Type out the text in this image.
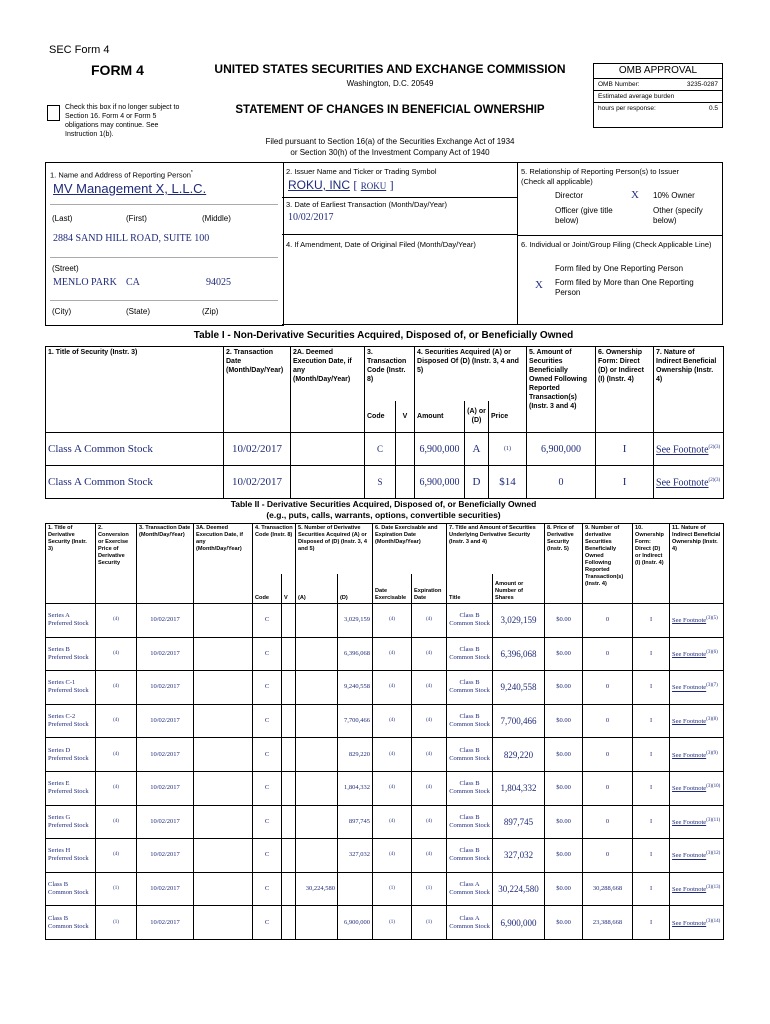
SEC Form 4
FORM 4	UNITED STATES SECURITIES AND EXCHANGE COMMISSION
Washington, D.C. 20549
Check this box if no longer subject to Section 16. Form 4 or Form 5 obligations may continue. See Instruction 1(b).
STATEMENT OF CHANGES IN BENEFICIAL OWNERSHIP
Filed pursuant to Section 16(a) of the Securities Exchange Act of 1934
or Section 30(h) of the Investment Company Act of 1940
OMB APPROVAL
OMB Number:	3235-0287
Estimated average burden
hours per response:	0.5
1. Name and Address of Reporting Person*
MV Management X, L.L.C.
(Last)	(First)	(Middle)
2884 SAND HILL ROAD, SUITE 100
(Street)
MENLO PARK CA	94025
(City)	(State)	(Zip)
2. Issuer Name and Ticker or Trading Symbol
ROKU, INC [ ROKU ]
3. Date of Earliest Transaction (Month/Day/Year)
10/02/2017
4. If Amendment, Date of Original Filed (Month/Day/Year)
5. Relationship of Reporting Person(s) to Issuer
(Check all applicable)
Director	X 10% Owner
Officer (give title below)
Other (specify below)
6. Individual or Joint/Group Filing (Check Applicable Line)
Form filed by One Reporting Person
X Form filed by More than One Reporting Person
Table I - Non-Derivative Securities Acquired, Disposed of, or Beneficially Owned
1. Title of Security (Instr. 3)	2. Transaction Date (Month/Day/Year)	2A. Deemed Execution Date, if any (Month/Day/Year)	3. Transaction Code (Instr. 8)		4. Securities Acquired (A) or Disposed Of (D) (Instr. 3, 4 and 5)			5. Amount of Securities Beneficially Owned Following Reported Transaction(s) (Instr. 3 and 4)	6. Ownership Form: Direct (D) or Indirect (I) (Instr. 4)	7. Nature of Indirect Beneficial Ownership (Instr. 4)
			Code	V	Amount	(A) or (D)	Price			
Class A Common Stock	10/02/2017		C		6,900,000	A	(1)	6,900,000	I	See Footnote$^{(2)(3)}$
Class A Common Stock	10/02/2017		S		6,900,000	D	$14	0	I	See Footnote$^{(2)(3)}$
Table II - Derivative Securities Acquired, Disposed of, or Beneficially Owned
(e.g., puts, calls, warrants, options, convertible securities)
1. Title of Derivative Security (Instr. 3)	2. Conversion or Exercise Price of Derivative Security	3. Transaction Date (Month/Day/Year)	3A. Deemed Execution Date, if any (Month/Day/Year)	4. Transaction Code (Instr. 8)		5. Number of Derivative Securities Acquired (A) or Disposed of (D) (Instr. 3, 4 and 5)		6. Date Exercisable and Expiration Date (Month/Day/Year)		7. Title and Amount of Securities Underlying Derivative Security (Instr. 3 and 4)		8. Price of Derivative Security (Instr. 5)	9. Number of derivative Securities Beneficially Owned Following Reported Transaction(s) (Instr. 4)	10. Ownership Form: Direct (D) or Indirect (I) (Instr. 4)	11. Nature of Indirect Beneficial Ownership (Instr. 4)
				Code	V	(A)	(D)	Date Exercisable	Expiration Date	Title	Amount or Number of Shares				
Series A Preferred Stock	(4)	10/02/2017		C			3,029,159	(4)	(4)	Class B Common Stock	3,029,159	$0.00	0	I	See Footnote$^{(3)(5)}$
Series B Preferred Stock	(4)	10/02/2017		C			6,396,068	(4)	(4)	Class B Common Stock	6,396,068	$0.00	0	I	See Footnote$^{(3)(6)}$
Series C-1 Preferred Stock	(4)	10/02/2017		C			9,240,558	(4)	(4)	Class B Common Stock	9,240,558	$0.00	0	I	See Footnote$^{(3)(7)}$
Series C-2 Preferred Stock	(4)	10/02/2017		C			7,700,466	(4)	(4)	Class B Common Stock	7,700,466	$0.00	0	I	See Footnote$^{(3)(8)}$
Series D Preferred Stock	(4)	10/02/2017		C			829,220	(4)	(4)	Class B Common Stock	829,220	$0.00	0	I	See Footnote$^{(3)(9)}$
Series E Preferred Stock	(4)	10/02/2017		C			1,804,332	(4)	(4)	Class B Common Stock	1,804,332	$0.00	0	I	See Footnote$^{(3)(10)}$
Series G Preferred Stock	(4)	10/02/2017		C			897,745	(4)	(4)	Class B Common Stock	897,745	$0.00	0	I	See Footnote$^{(3)(11)}$
Series H Preferred Stock	(4)	10/02/2017		C			327,032	(4)	(4)	Class B Common Stock	327,032	$0.00	0	I	See Footnote$^{(3)(12)}$
Class B Common Stock	(1)	10/02/2017		C		30,224,580		(1)	(1)	Class A Common Stock	30,224,580	$0.00	30,288,668	I	See Footnote$^{(3)(13)}$
Class B Common Stock	(1)	10/02/2017		C			6,900,000	(1)	(1)	Class A Common Stock	6,900,000	$0.00	23,388,668	I	See Footnote$^{(3)(14)}$
